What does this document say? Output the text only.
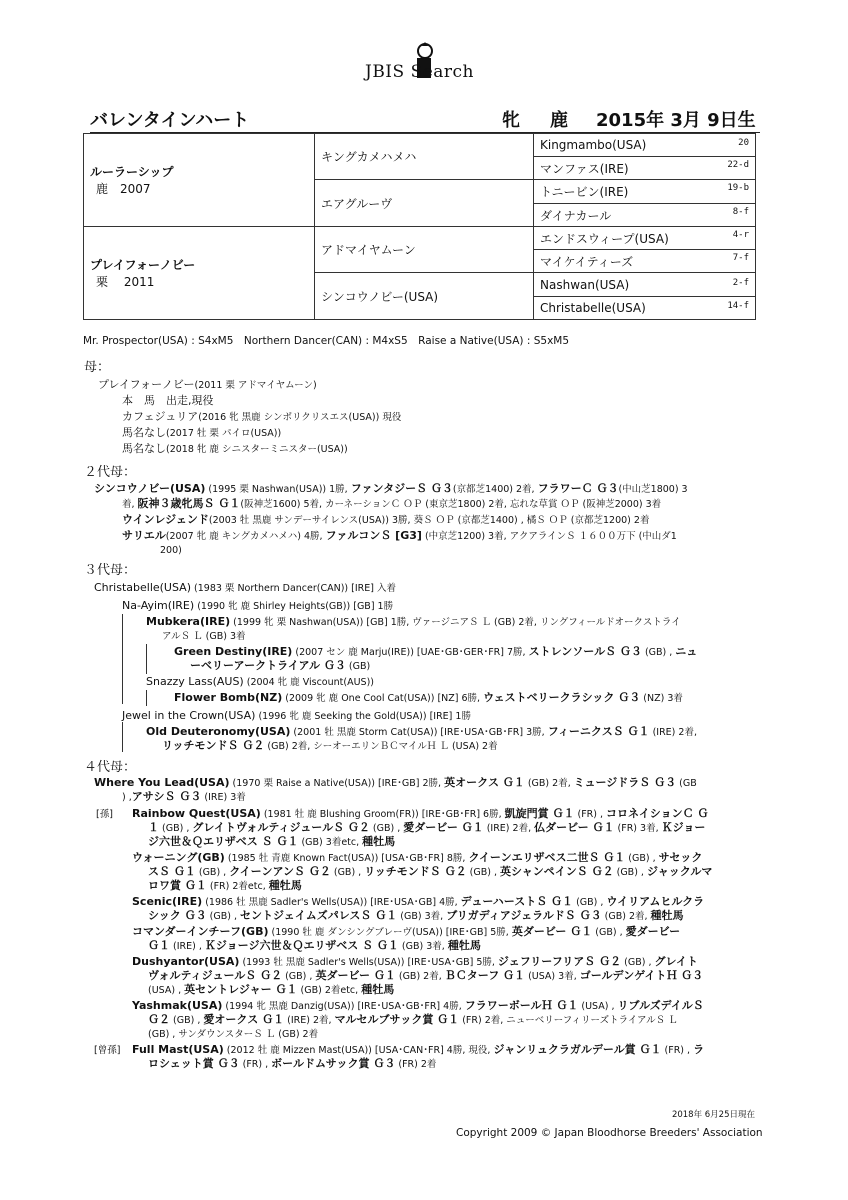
JBIS Search
バレンタインハート	牝 鹿 2015年 3月 9日生
ルーラーシップ
鹿　2007	キングカメハメハ	Kingmambo(USA) 20

		マンファス(IRE) 22-d

	エアグルーヴ	トニービン(IRE) 19-b

		ダイナカール 8-f

プレイフォーノビー
栗　 2011	アドマイヤムーン	エンドスウィープ(USA) 4-r

		マイケイティーズ 7-f

	シンコウノビー(USA)	Nashwan(USA) 2-f

		Christabelle(USA) 14-f
Mr. Prospector(USA) : S4xM5　Northern Dancer(CAN) : M4xS5　Raise a Native(USA) : S5xM5
母：
プレイフォーノビー(2011 栗 アドマイヤムーン)
本　馬　出走,現役
カフェジュリア(2016 牝 黒鹿 シンボリクリスエス(USA)) 現役
馬名なし(2017 牡 栗 パイロ(USA))
馬名なし(2018 牝 鹿 シニスターミニスター(USA))
２代母：
シンコウノビー(USA) (1995 栗 Nashwan(USA)) 1勝, ファンタジーＳ Ｇ３(京都芝1400) 2着, フラワーＣ Ｇ３(中山芝1800) 3
着, 阪神３歳牝馬Ｓ Ｇ１(阪神芝1600) 5着, カーネーションＣ ＯＰ (東京芝1800) 2着, 忘れな草賞 ＯＰ (阪神芝2000) 3着
ウインレジェンド(2003 牡 黒鹿 サンデーサイレンス(USA)) 3勝, 葵Ｓ ＯＰ (京都芝1400) , 橘Ｓ ＯＰ (京都芝1200) 2着
サリエル(2007 牝 鹿 キングカメハメハ) 4勝, ファルコンＳ [G3] (中京芝1200) 3着, アクアラインＳ １６００万下 (中山ダ1
200)
３代母：
Christabelle(USA) (1983 栗 Northern Dancer(CAN)) [IRE] 入着
Na-Ayim(IRE) (1990 牝 鹿 Shirley Heights(GB)) [GB] 1勝
Mubkera(IRE) (1999 牝 栗 Nashwan(USA)) [GB] 1勝, ヴァージニアＳ Ｌ (GB) 2着, リングフィールドオークストライ
アルＳ Ｌ (GB) 3着
Green Destiny(IRE) (2007 セン 鹿 Marju(IRE)) [UAE･GB･GER･FR] 7勝, ストレンソールＳ Ｇ３ (GB) , ニュ
ーベリーアークトライアル Ｇ３ (GB)
Snazzy Lass(AUS) (2004 牝 鹿 Viscount(AUS))
Flower Bomb(NZ) (2009 牝 鹿 One Cool Cat(USA)) [NZ] 6勝, ウェストベリークラシック Ｇ３ (NZ) 3着
Jewel in the Crown(USA) (1996 牝 鹿 Seeking the Gold(USA)) [IRE] 1勝
Old Deuteronomy(USA) (2001 牡 黒鹿 Storm Cat(USA)) [IRE･USA･GB･FR] 3勝, フィーニクスＳ Ｇ１ (IRE) 2着,
リッチモンドＳ Ｇ２ (GB) 2着, シーオーエリンＢＣマイルＨ Ｌ (USA) 2着
４代母：
Where You Lead(USA) (1970 栗 Raise a Native(USA)) [IRE･GB] 2勝, 英オークス Ｇ１ (GB) 2着, ミュージドラＳ Ｇ３ (GB
) ,アサシＳ Ｇ３ (IRE) 3着
[孫] Rainbow Quest(USA) (1981 牡 鹿 Blushing Groom(FR)) [IRE･GB･FR] 6勝, 凱旋門賞 Ｇ１ (FR) , コロネイションＣ Ｇ
１ (GB) , グレイトヴォルティジュールＳ Ｇ２ (GB) , 愛ダービー Ｇ１ (IRE) 2着, 仏ダービー Ｇ１ (FR) 3着, Ｋジョー
ジ六世＆Ｑエリザベス Ｓ Ｇ１ (GB) 3着etc, 種牡馬
ウォーニング(GB) (1985 牡 青鹿 Known Fact(USA)) [USA･GB･FR] 8勝, クイーンエリザベス二世Ｓ Ｇ１ (GB) , サセック
スＳ Ｇ１ (GB) , クイーンアンＳ Ｇ２ (GB) , リッチモンドＳ Ｇ２ (GB) , 英シャンペインＳ Ｇ２ (GB) , ジャックルマ
ロワ賞 Ｇ１ (FR) 2着etc, 種牡馬
Scenic(IRE) (1986 牡 黒鹿 Sadler's Wells(USA)) [IRE･USA･GB] 4勝, デューハーストＳ Ｇ１ (GB) , ウイリアムヒルクラ
シック Ｇ３ (GB) , セントジェイムズパレスＳ Ｇ１ (GB) 3着, ブリガディアジェラルドＳ Ｇ３ (GB) 2着, 種牡馬
コマンダーインチーフ(GB) (1990 牡 鹿 ダンシングブレーヴ(USA)) [IRE･GB] 5勝, 英ダービー Ｇ１ (GB) , 愛ダービー
Ｇ１ (IRE) , Ｋジョージ六世＆Ｑエリザベス Ｓ Ｇ１ (GB) 3着, 種牡馬
Dushyantor(USA) (1993 牡 黒鹿 Sadler's Wells(USA)) [IRE･USA･GB] 5勝, ジェフリーフリアＳ Ｇ２ (GB) , グレイト
ヴォルティジュールＳ Ｇ２ (GB) , 英ダービー Ｇ１ (GB) 2着, ＢＣターフ Ｇ１ (USA) 3着, ゴールデンゲイトＨ Ｇ３
(USA) , 英セントレジャー Ｇ１ (GB) 2着etc, 種牡馬
Yashmak(USA) (1994 牝 黒鹿 Danzig(USA)) [IRE･USA･GB･FR] 4勝, フラワーボールＨ Ｇ１ (USA) , リブルズデイルＳ
Ｇ２ (GB) , 愛オークス Ｇ１ (IRE) 2着, マルセルブサック賞 Ｇ１ (FR) 2着, ニューベリーフィリーズトライアルＳ Ｌ
(GB) , サンダウンスターＳ Ｌ (GB) 2着
[曾孫] Full Mast(USA) (2012 牡 鹿 Mizzen Mast(USA)) [USA･CAN･FR] 4勝, 現役, ジャンリュクラガルデール賞 Ｇ１ (FR) , ラ
ロシェット賞 Ｇ３ (FR) , ボールドムサック賞 Ｇ３ (FR) 2着
2018年 6月25日現在
Copyright 2009 © Japan Bloodhorse Breeders' Association
